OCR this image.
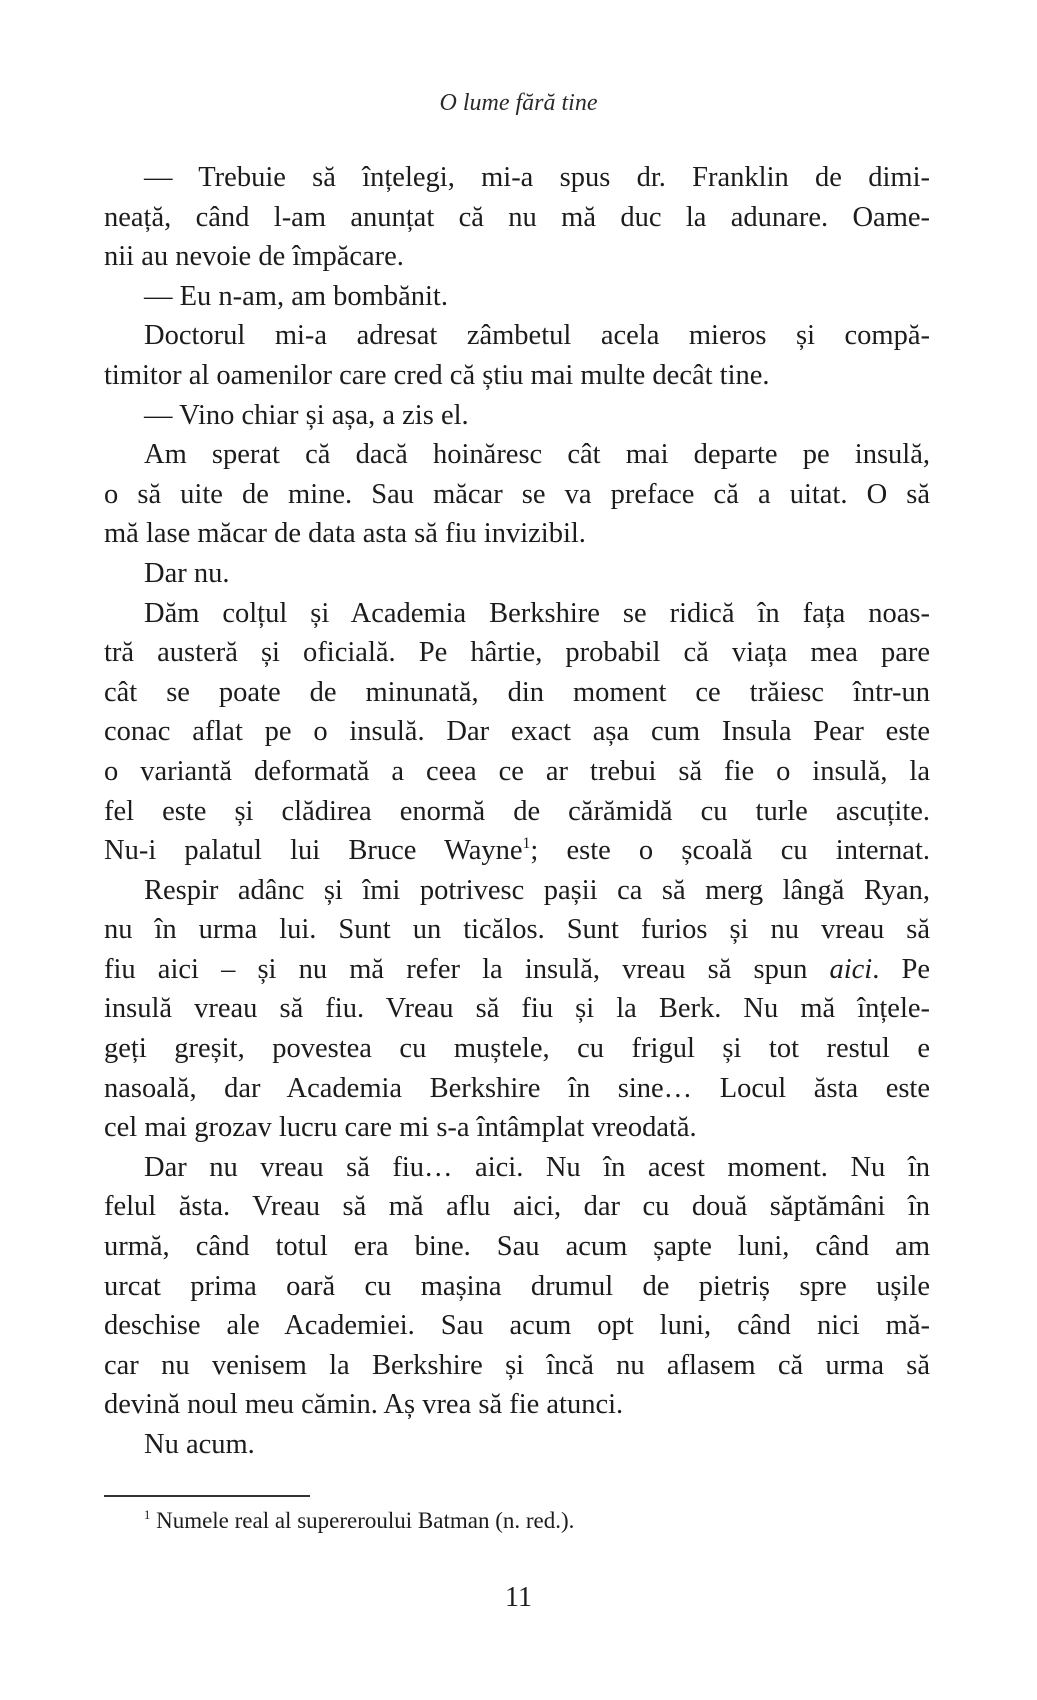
O lume fără tine
— Trebuie să înțelegi, mi-a spus dr. Franklin de dimi-
neață, când l-am anunțat că nu mă duc la adunare. Oame-
nii au nevoie de împăcare.
— Eu n-am, am bombănit.
Doctorul mi-a adresat zâmbetul acela mieros și compă-
timitor al oamenilor care cred că știu mai multe decât tine.
— Vino chiar și așa, a zis el.
Am sperat că dacă hoinăresc cât mai departe pe insulă,
o să uite de mine. Sau măcar se va preface că a uitat. O să
mă lase măcar de data asta să fiu invizibil.
Dar nu.
Dăm colțul și Academia Berkshire se ridică în fața noas-
tră austeră și oficială. Pe hârtie, probabil că viața mea pare
cât se poate de minunată, din moment ce trăiesc într-un
conac aflat pe o insulă. Dar exact așa cum Insula Pear este
o variantă deformată a ceea ce ar trebui să fie o insulă, la
fel este și clădirea enormă de cărămidă cu turle ascuțite.
Nu-i palatul lui Bruce Wayne$^1$; este o școală cu internat.
Respir adânc și îmi potrivesc pașii ca să merg lângă Ryan,
nu în urma lui. Sunt un ticălos. Sunt furios și nu vreau să
fiu aici – și nu mă refer la insulă, vreau să spun aici. Pe
insulă vreau să fiu. Vreau să fiu și la Berk. Nu mă înțele-
geți greșit, povestea cu muștele, cu frigul și tot restul e
nasoală, dar Academia Berkshire în sine… Locul ăsta este
cel mai grozav lucru care mi s-a întâmplat vreodată.
Dar nu vreau să fiu… aici. Nu în acest moment. Nu în
felul ăsta. Vreau să mă aflu aici, dar cu două săptămâni în
urmă, când totul era bine. Sau acum șapte luni, când am
urcat prima oară cu mașina drumul de pietriș spre ușile
deschise ale Academiei. Sau acum opt luni, când nici mă-
car nu venisem la Berkshire și încă nu aflasem că urma să
devină noul meu cămin. Aș vrea să fie atunci.
Nu acum.
$^1$ Numele real al supereroului Batman (n. red.).
11
